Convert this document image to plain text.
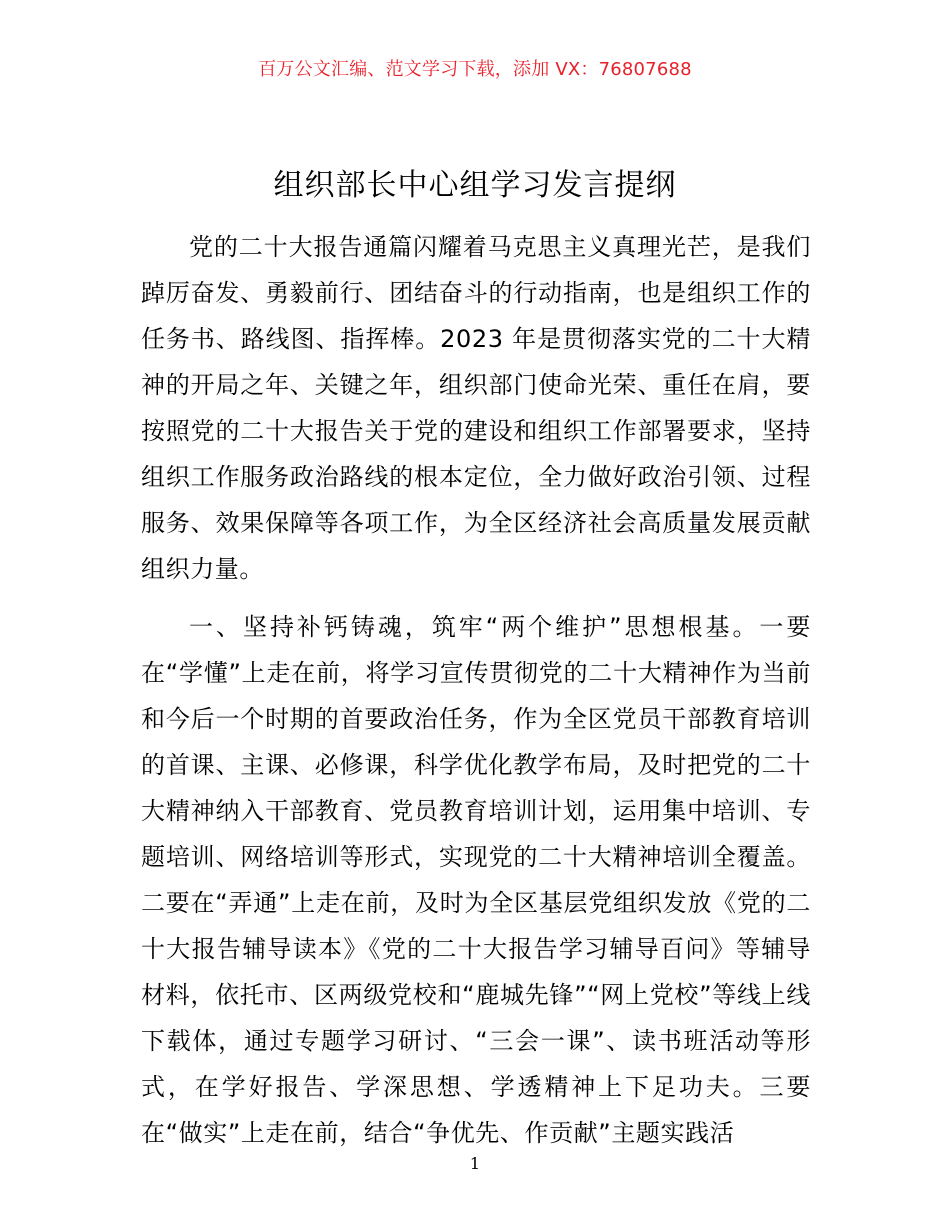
百万公文汇编、范文学习下载，添加 VX：76807688
组织部长中心组学习发言提纲

党的二十大报告通篇闪耀着马克思主义真理光芒，是我们踔厉奋发、勇毅前行、团结奋斗的行动指南，也是组织工作的任务书、路线图、指挥棒。2023 年是贯彻落实党的二十大精神的开局之年、关键之年，组织部门使命光荣、重任在肩，要按照党的二十大报告关于党的建设和组织工作部署要求，坚持组织工作服务政治路线的根本定位，全力做好政治引领、过程服务、效果保障等各项工作，为全区经济社会高质量发展贡献组织力量。

一、坚持补钙铸魂，筑牢“两个维护”思想根基。一要在“学懂”上走在前，将学习宣传贯彻党的二十大精神作为当前和今后一个时期的首要政治任务，作为全区党员干部教育培训的首课、主课、必修课，科学优化教学布局，及时把党的二十大精神纳入干部教育、党员教育培训计划，运用集中培训、专题培训、网络培训等形式，实现党的二十大精神培训全覆盖。二要在“弄通”上走在前，及时为全区基层党组织发放《党的二十大报告辅导读本》《党的二十大报告学习辅导百问》等辅导材料，依托市、区两级党校和“鹿城先锋”“网上党校”等线上线下载体，通过专题学习研讨、“三会一课”、读书班活动等形式，在学好报告、学深思想、学透精神上下足功夫。三要在“做实”上走在前，结合“争优先、作贡献”主题实践活

1
